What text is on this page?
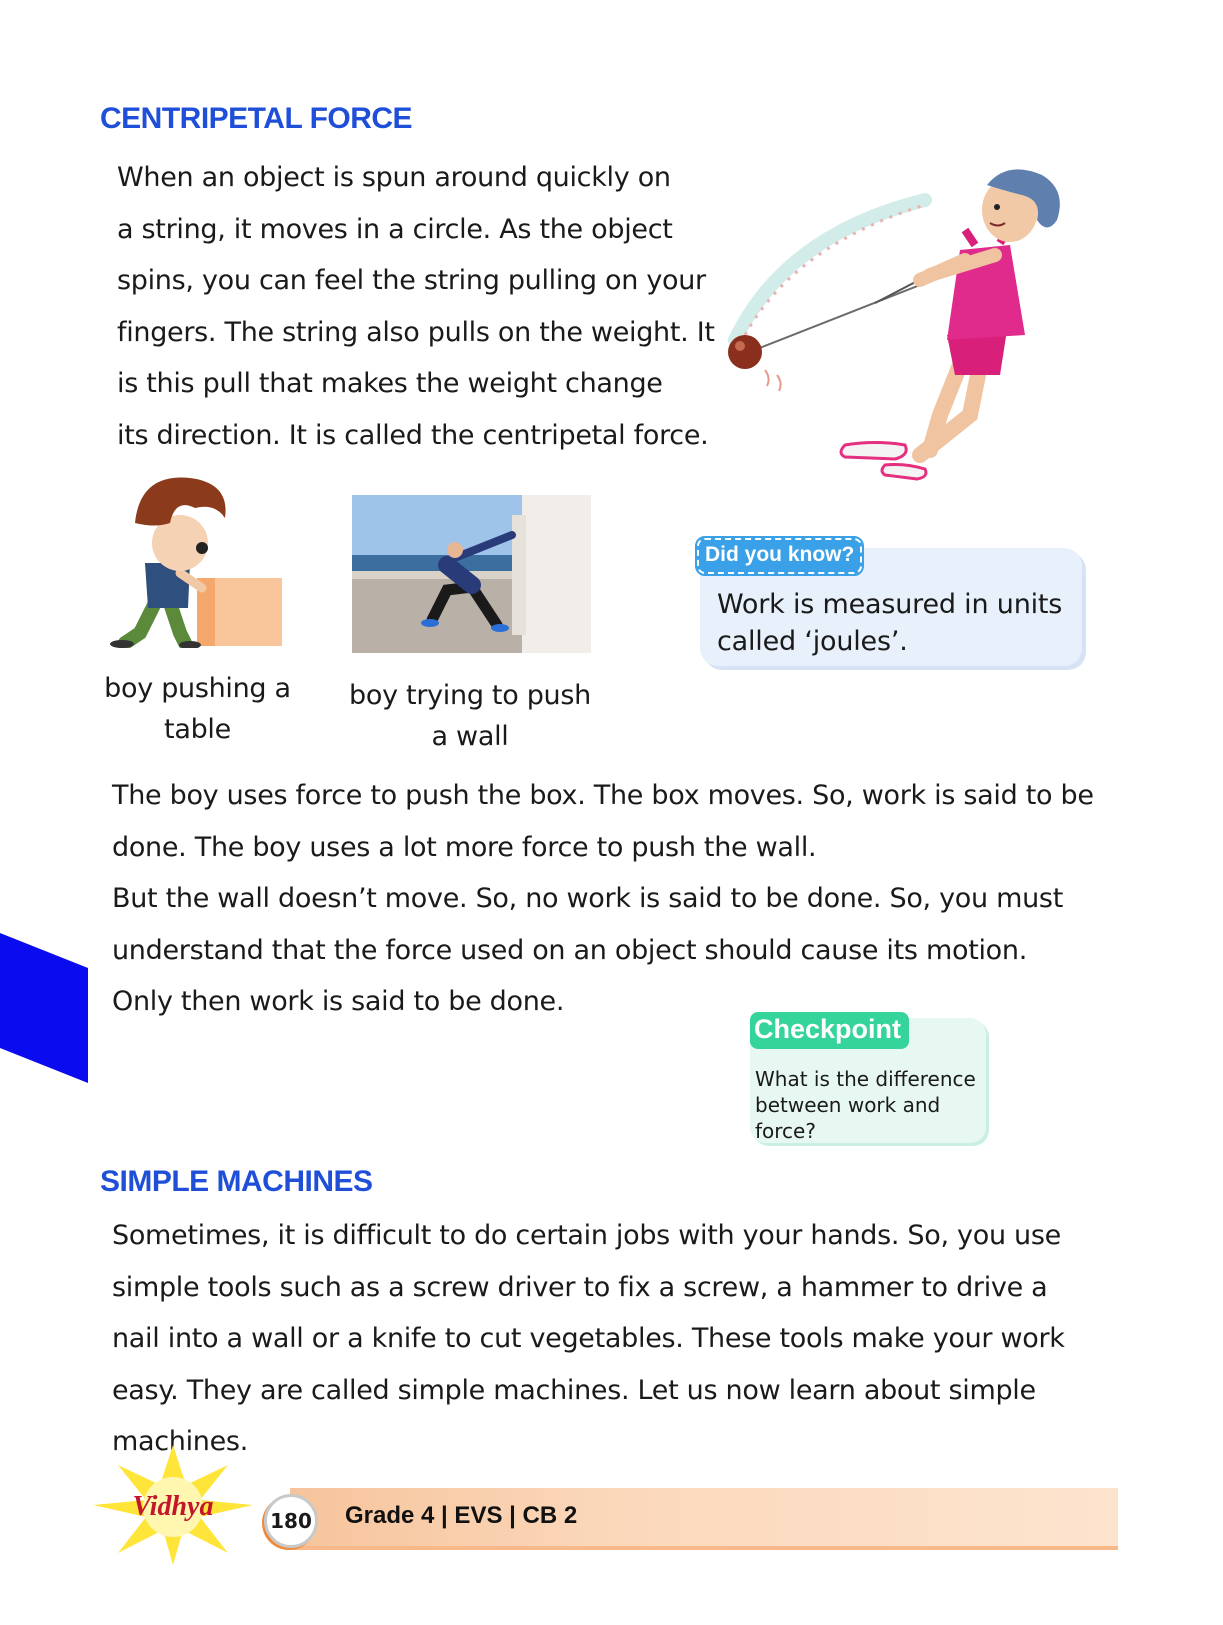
CENTRIPETAL FORCE

When an object is spun around quickly on

a string, it moves in a circle. As the object

spins, you can feel the string pulling on your

fingers. The string also pulls on the weight. It

is this pull that makes the weight change

its direction. It is called the centripetal force.

boy pushing a
table
boy trying to push
a wall
Did you know?
Work is measured in units
called ‘joules’.

The boy uses force to push the box. The box moves. So, work is said to be

done. The boy uses a lot more force to push the wall.

But the wall doesn’t move. So, no work is said to be done. So, you must

understand that the force used on an object should cause its motion.

Only then work is said to be done.

Checkpoint
What is the difference
between work and
force?
SIMPLE MACHINES

Sometimes, it is difficult to do certain jobs with your hands. So, you use

simple tools such as a screw driver to fix a screw, a hammer to drive a

nail into a wall or a knife to cut vegetables. These tools make your work

easy. They are called simple machines. Let us now learn about simple

machines.

Vidhya	180 Grade 4 | EVS | CB 2
